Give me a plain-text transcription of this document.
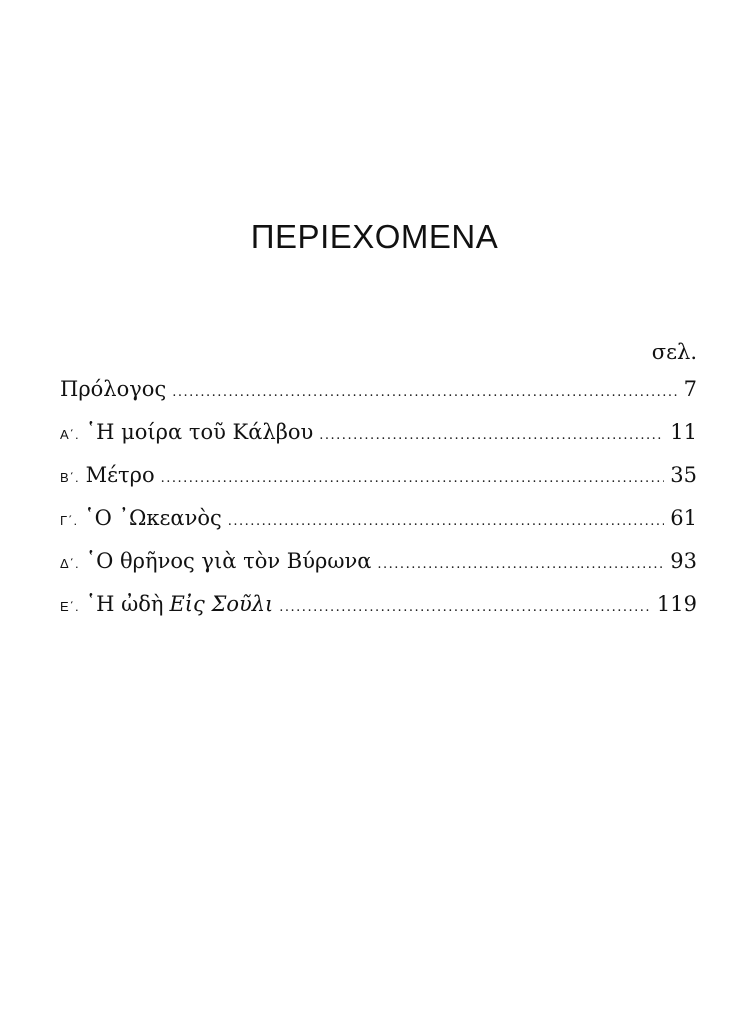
ΠΕΡΙΕΧΟΜΕΝΑ
σελ.
Πρόλογος .....	7
Α΄. ῾Η μοίρα τοῦ Κάλβου .....	11
Β΄. Μέτρο .....	35
Γ΄. ῾Ο ᾿Ωκεανὸς .....	61
Δ΄. ῾Ο θρῆνος γιὰ τὸν Βύρωνα .....	93
Ε΄. ῾Η ὠδὴ Εἰς Σοῦλι .....	119
